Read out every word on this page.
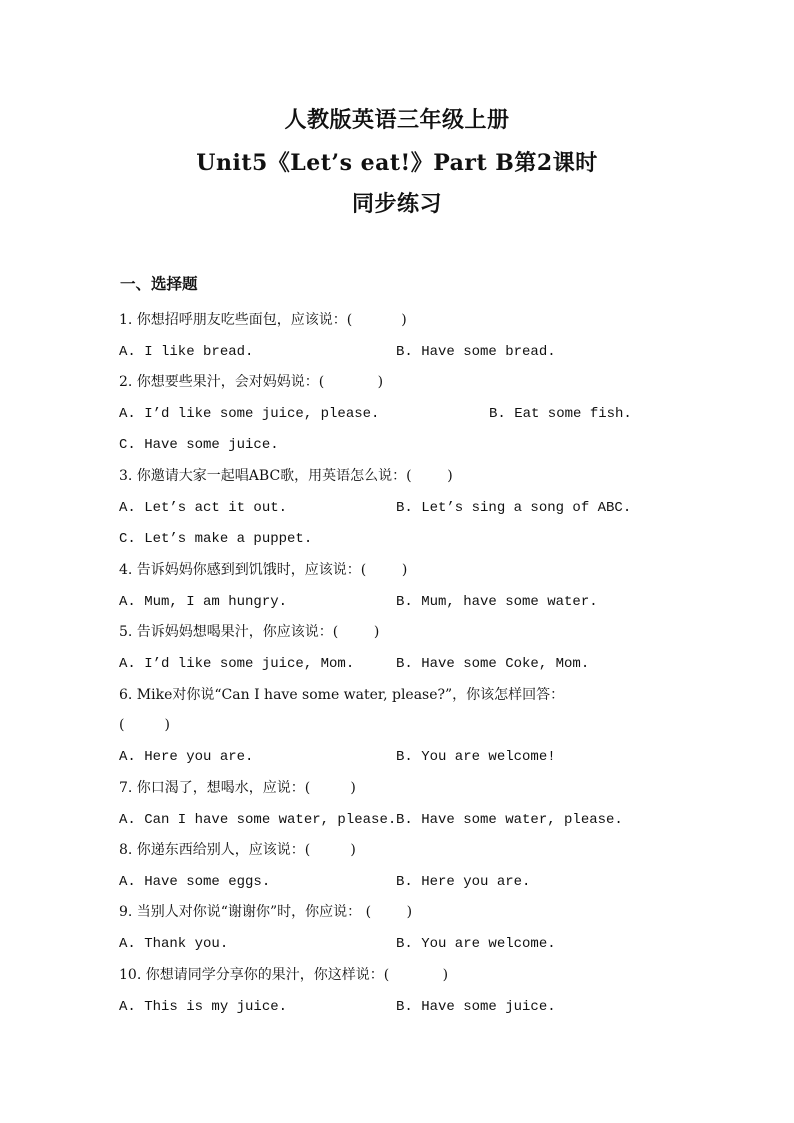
人教版英语三年级上册
Unit5《Let’s eat!》Part B第2课时
同步练习
一、选择题
1. 你想招呼朋友吃些面包，应该说：(           )
A. I like bread.	B. Have some bread.
2. 你想要些果汁，会对妈妈说：(            )
A. I’d like some juice, please.	B. Eat some fish.
C. Have some juice.
3. 你邀请大家一起唱ABC歌，用英语怎么说：(        )
A. Let’s act it out.	B. Let’s sing a song of ABC.
C. Let’s make a puppet.
4. 告诉妈妈你感到到饥饿时，应该说：(        )
A. Mum, I am hungry.	B. Mum, have some water.
5. 告诉妈妈想喝果汁，你应该说：(        )
A. I’d like some juice, Mom.	B. Have some Coke, Mom.
6. Mike对你说“Can I have some water, please?”，你该怎样回答：
(         )
A. Here you are.	B. You are welcome!
7. 你口渴了，想喝水，应说：(         )
A. Can I have some water, please. B. Have some water, please.
8. 你递东西给别人，应该说：(         )
A. Have some eggs.	B. Here you are.
9. 当别人对你说“谢谢你”时，你应说： (        )
A. Thank you.	B. You are welcome.
10. 你想请同学分享你的果汁，你这样说：(            )
A. This is my juice.	B. Have some juice.
